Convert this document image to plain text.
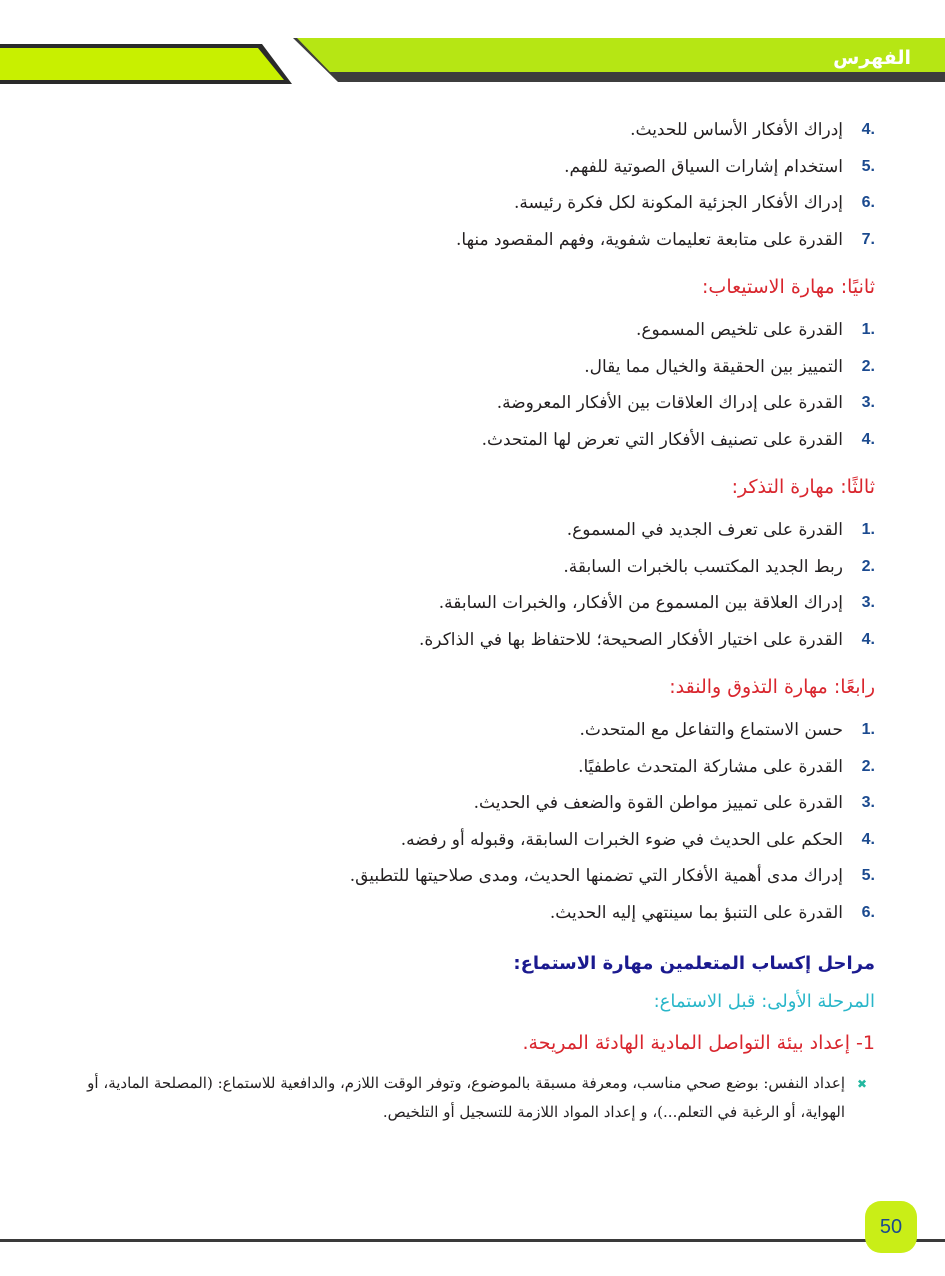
الفهرس
.4
إدراك الأفكار الأساس للحديث.
.5
استخدام إشارات السياق الصوتية للفهم.
.6
إدراك الأفكار الجزئية المكونة لكل فكرة رئيسة.
.7
القدرة على متابعة تعليمات شفوية، وفهم المقصود منها.
ثانيًا: مهارة الاستيعاب:
.1
القدرة على تلخيص المسموع.
.2
التمييز بين الحقيقة والخيال مما يقال.
.3
القدرة على إدراك العلاقات بين الأفكار المعروضة.
.4
القدرة على تصنيف الأفكار التي تعرض لها المتحدث.
ثالثًا: مهارة التذكر:
.1
القدرة على تعرف الجديد في المسموع.
.2
ربط الجديد المكتسب بالخبرات السابقة.
.3
إدراك العلاقة بين المسموع من الأفكار، والخبرات السابقة.
.4
القدرة على اختيار الأفكار الصحيحة؛ للاحتفاظ بها في الذاكرة.
رابعًا: مهارة التذوق والنقد:
.1
حسن الاستماع والتفاعل مع المتحدث.
.2
القدرة على مشاركة المتحدث عاطفيًا.
.3
القدرة على تمييز مواطن القوة والضعف في الحديث.
.4
الحكم على الحديث في ضوء الخبرات السابقة، وقبوله أو رفضه.
.5
إدراك مدى أهمية الأفكار التي تضمنها الحديث، ومدى صلاحيتها للتطبيق.
.6
القدرة على التنبؤ بما سينتهي إليه الحديث.
مراحل إكساب المتعلمين مهارة الاستماع:
المرحلة الأولى: قبل الاستماع:
1- إعداد بيئة التواصل المادية الهادئة المريحة.
✖
إعداد النفس: بوضع صحي مناسب، ومعرفة مسبقة بالموضوع، وتوفر الوقت اللازم، والدافعية للاستماع: (المصلحة المادية، أو الهواية، أو الرغبة في التعلم...)، و إعداد المواد اللازمة للتسجيل أو التلخيص.
50
